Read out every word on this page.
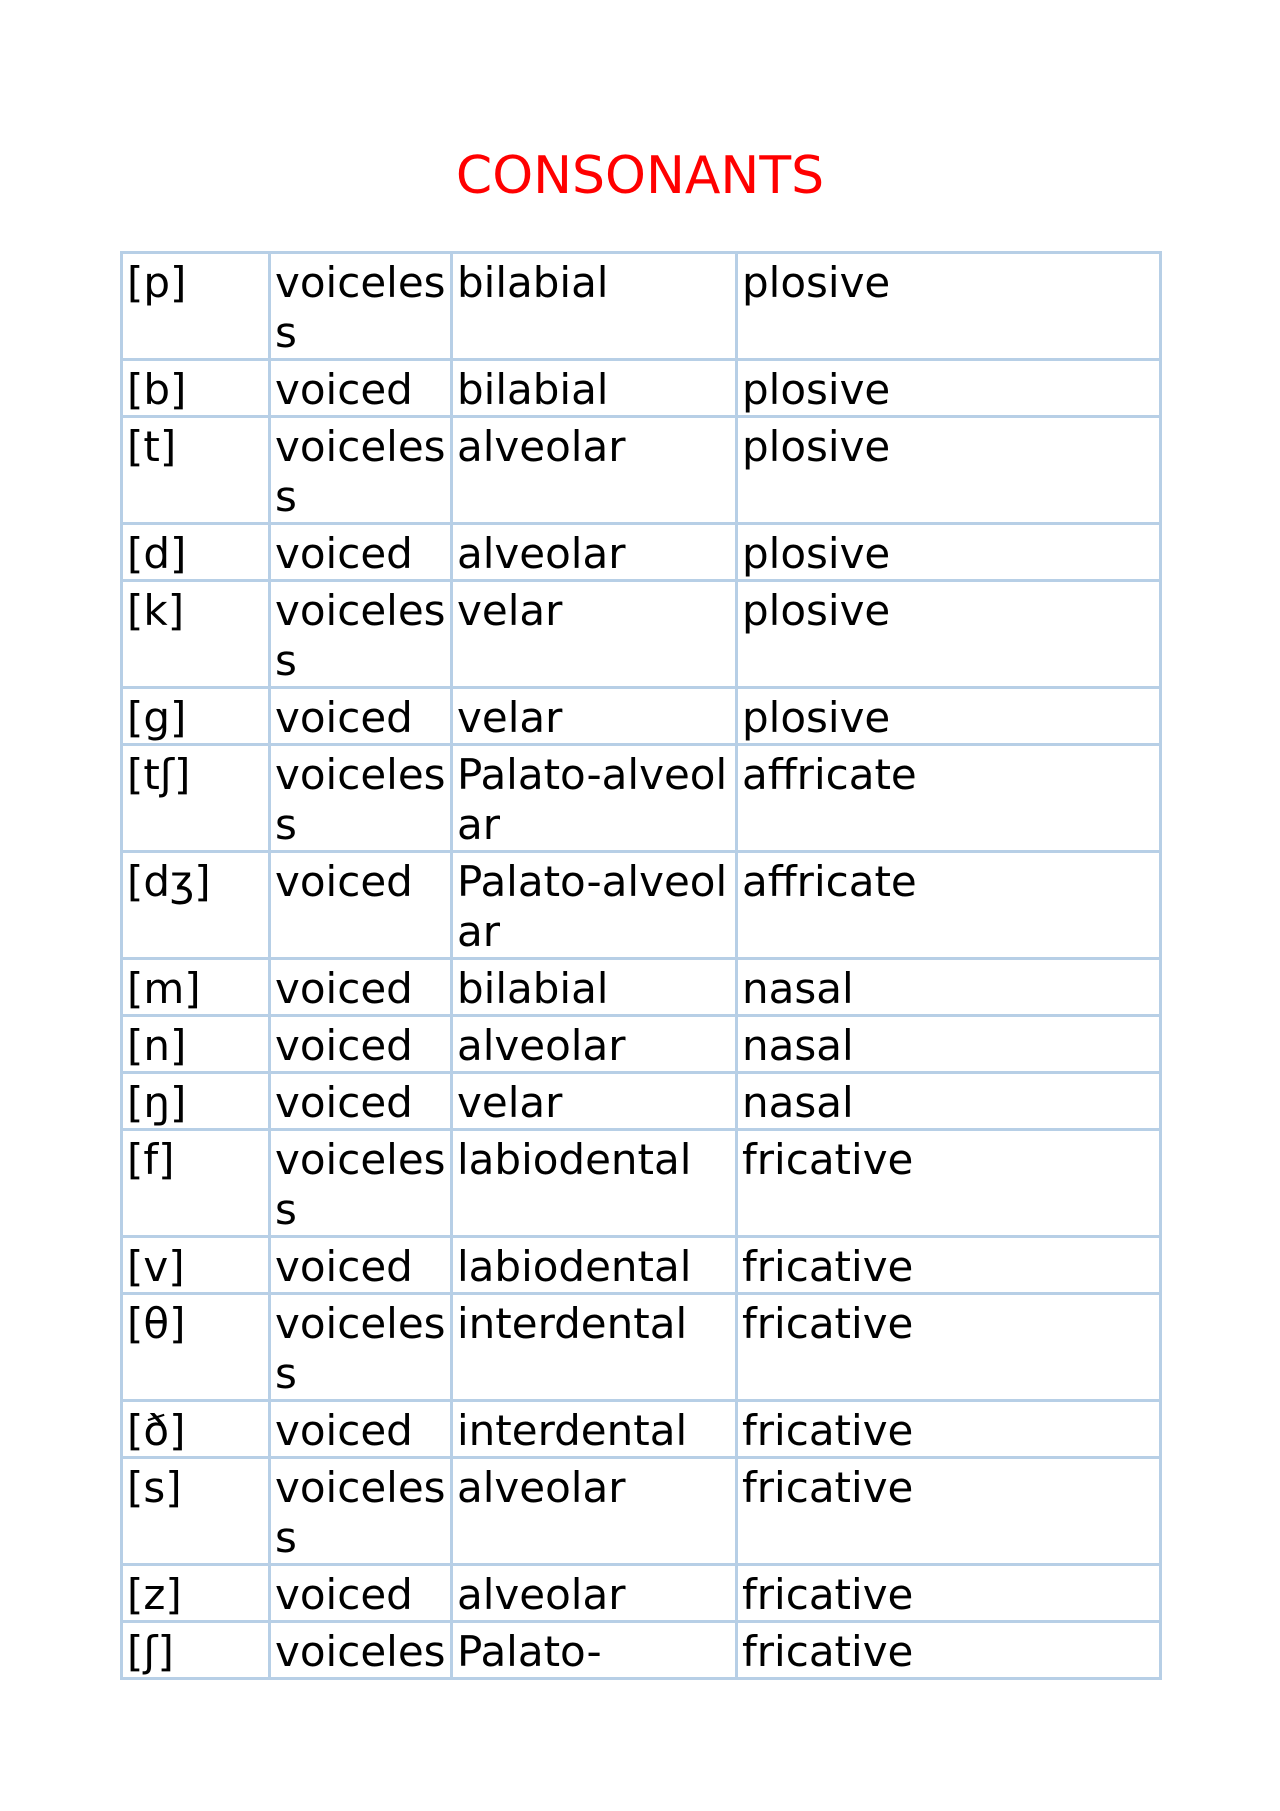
CONSONANTS
[p]	voiceless	bilabial	plosive
[b]	voiced	bilabial	plosive
[t]	voiceless	alveolar	plosive
[d]	voiced	alveolar	plosive
[k]	voiceless	velar	plosive
[g]	voiced	velar	plosive
[tʃ]	voiceless	Palato-alveolar	affricate
[dʒ]	voiced	Palato-alveolar	affricate
[m]	voiced	bilabial	nasal
[n]	voiced	alveolar	nasal
[ŋ]	voiced	velar	nasal
[f]	voiceless	labiodental	fricative
[v]	voiced	labiodental	fricative
[θ]	voiceless	interdental	fricative
[ð]	voiced	interdental	fricative
[s]	voiceless	alveolar	fricative
[z]	voiced	alveolar	fricative
[ʃ]	voiceles	Palato-	fricative
